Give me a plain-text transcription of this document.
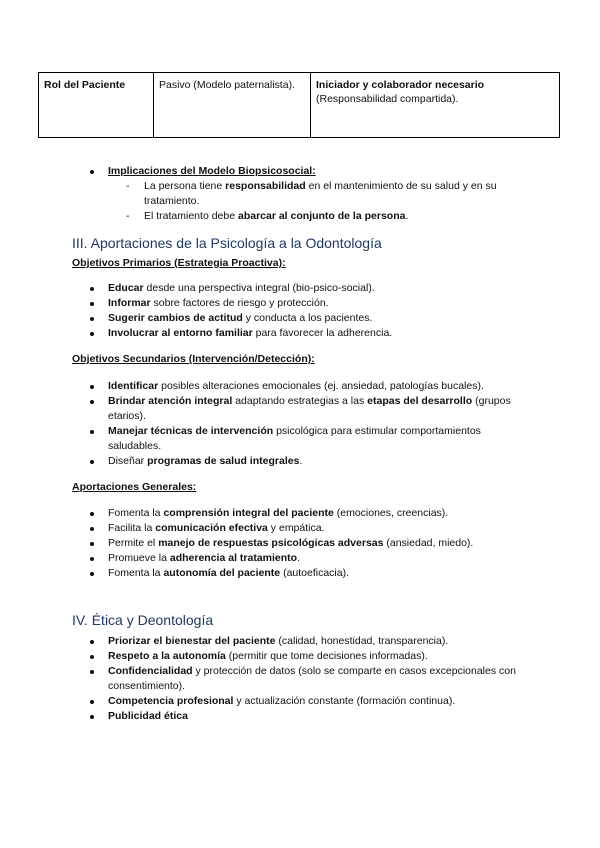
Rol del Paciente	Pasivo (Modelo paternalista).	Iniciador y colaborador necesario
(Responsabilidad compartida).
Implicaciones del Modelo Biopsicosocial:
- La persona tiene responsabilidad en el mantenimiento de su salud y en su tratamiento.
- El tratamiento debe abarcar al conjunto de la persona.
III. Aportaciones de la Psicología a la Odontología
Objetivos Primarios (Estrategia Proactiva):
Educar desde una perspectiva integral (bio-psico-social).
Informar sobre factores de riesgo y protección.
Sugerir cambios de actitud y conducta a los pacientes.
Involucrar al entorno familiar para favorecer la adherencia.
Objetivos Secundarios (Intervención/Detección):
Identificar posibles alteraciones emocionales (ej. ansiedad, patologías bucales).
Brindar atención integral adaptando estrategias a las etapas del desarrollo (grupos etarios).
Manejar técnicas de intervención psicológica para estimular comportamientos saludables.
Diseñar programas de salud integrales.
Aportaciones Generales:
Fomenta la comprensión integral del paciente (emociones, creencias).
Facilita la comunicación efectiva y empática.
Permite el manejo de respuestas psicológicas adversas (ansiedad, miedo).
Promueve la adherencia al tratamiento.
Fomenta la autonomía del paciente (autoeficacia).
IV. Ética y Deontología
Priorizar el bienestar del paciente (calidad, honestidad, transparencia).
Respeto a la autonomía (permitir que tome decisiones informadas).
Confidencialidad y protección de datos (solo se comparte en casos excepcionales con consentimiento).
Competencia profesional y actualización constante (formación continua).
Publicidad ética
